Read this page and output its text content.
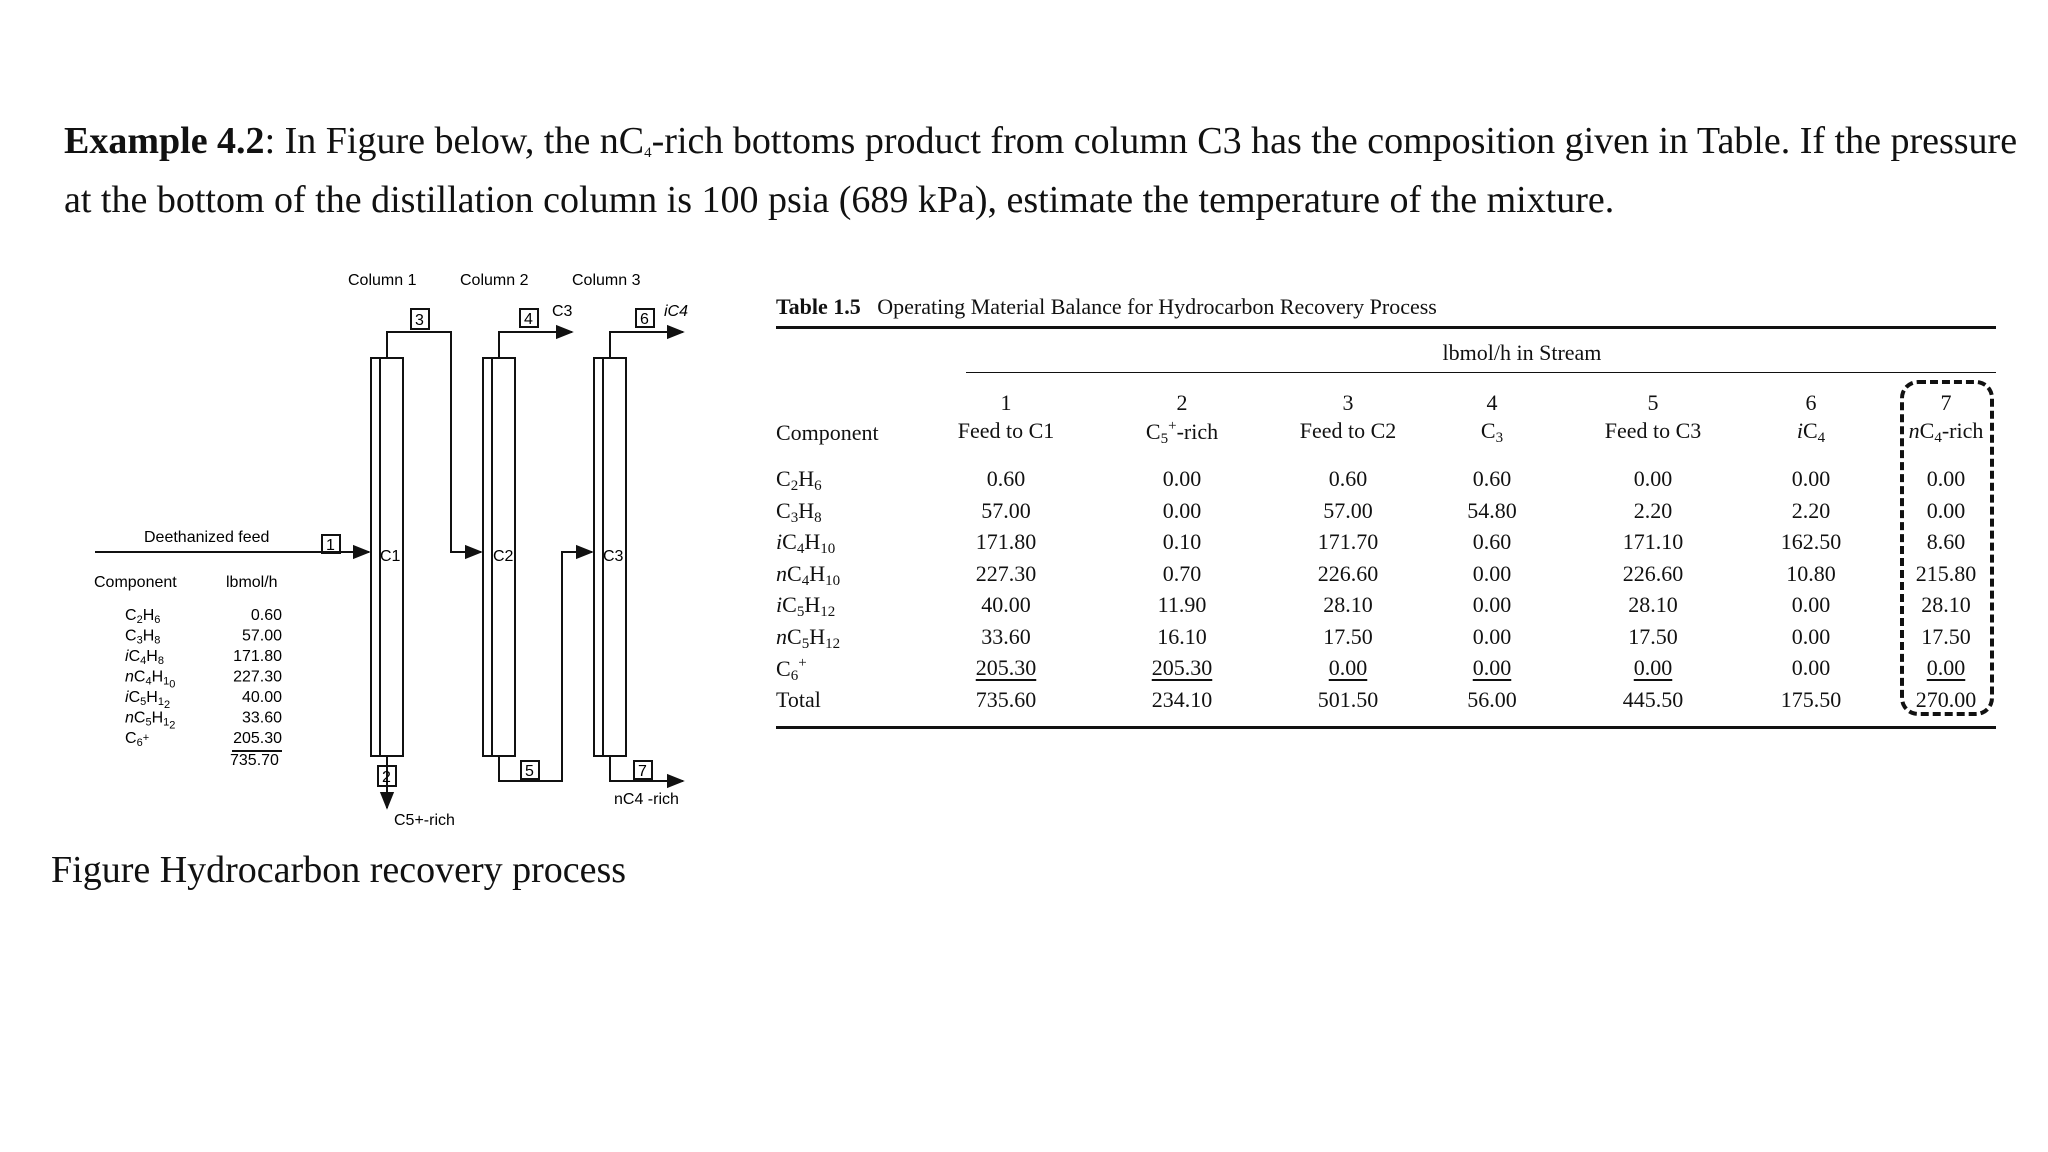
Example 4.2: In Figure below, the $nC_4$-rich bottoms product from column C3 has the composition given in Table. If the pressure at the bottom of the distillation column is 100 psia (689 kPa), estimate the temperature of the mixture.
Column 1	Column 2	Column 3
C1	C2	C3
1
2
3	4
5
6
7
C3	iC4
C5+-rich
nC4 -rich
Deethanized feed
Component	lbmol/h
C2H6	0.60
C3H8	57.00
iC4H8	171.80
nC4H10	227.30
iC5H12	40.00
nC5H12	33.60
C6+	205.30
735.70
Figure Hydrocarbon recovery process
Table 1.5 Operating Material Balance for Hydrocarbon Recovery Process
lbmol/h in Stream
Component
1	2	3	4	5	6	7
Feed to C1	$C_5^+$-rich	Feed to C2	$C_3$	Feed to C3	$iC_4$	$nC_4$-rich
$C_2H_6$	0.60	0.00	0.60	0.60	0.00	0.00	0.00
$C_3H_8$	57.00	0.00	57.00	54.80	2.20	2.20	0.00
$iC_4H_{10}$	171.80	0.10	171.70	0.60	171.10	162.50	8.60
$nC_4H_{10}$	227.30	0.70	226.60	0.00	226.60	10.80	215.80
$iC_5H_{12}$	40.00	11.90	28.10	0.00	28.10	0.00	28.10
$nC_5H_{12}$	33.60	16.10	17.50	0.00	17.50	0.00	17.50
$C_6^+$	205.30	205.30	0.00	0.00	0.00	0.00	0.00
Total	735.60	234.10	501.50	56.00	445.50	175.50	270.00
